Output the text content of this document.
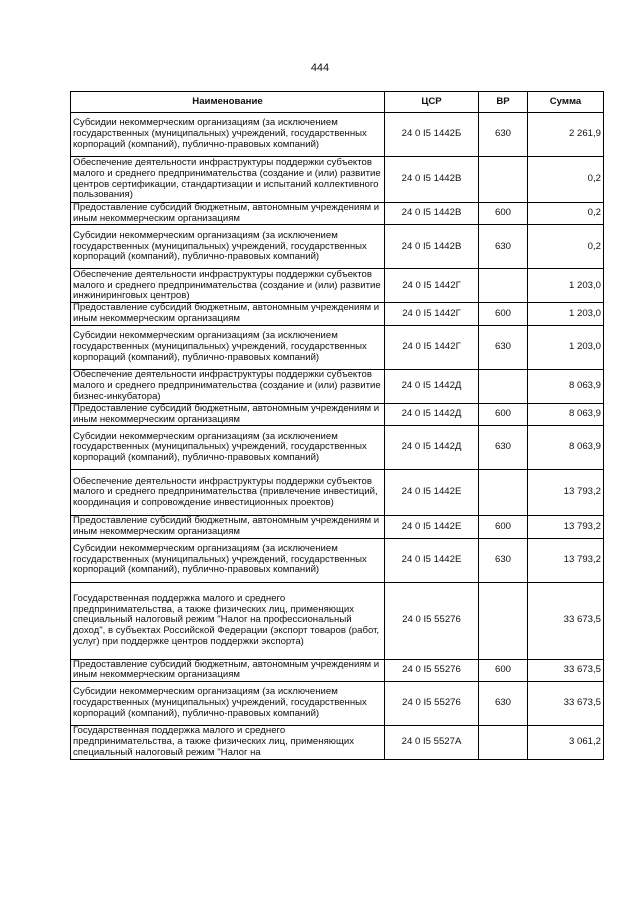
444
Наименование	ЦСР	ВР	Сумма
Субсидии некоммерческим организациям (за исключением государственных (муниципальных) учреждений, государственных корпораций (компаний), публично-правовых компаний)	24 0 I5 1442Б	630	2 261,9
Обеспечение деятельности инфраструктуры поддержки субъектов малого и среднего предпринимательства (создание и (или) развитие центров сертификации, стандартизации и испытаний коллективного пользования)	24 0 I5 1442В		0,2
Предоставление субсидий бюджетным, автономным учреждениям и иным некоммерческим организациям	24 0 I5 1442В	600	0,2
Субсидии некоммерческим организациям (за исключением государственных (муниципальных) учреждений, государственных корпораций (компаний), публично-правовых компаний)	24 0 I5 1442В	630	0,2
Обеспечение деятельности инфраструктуры поддержки субъектов малого и среднего предпринимательства (создание и (или) развитие инжиниринговых центров)	24 0 I5 1442Г		1 203,0
Предоставление субсидий бюджетным, автономным учреждениям и иным некоммерческим организациям	24 0 I5 1442Г	600	1 203,0
Субсидии некоммерческим организациям (за исключением государственных (муниципальных) учреждений, государственных корпораций (компаний), публично-правовых компаний)	24 0 I5 1442Г	630	1 203,0
Обеспечение деятельности инфраструктуры поддержки субъектов малого и среднего предпринимательства (создание и (или) развитие бизнес-инкубатора)	24 0 I5 1442Д		8 063,9
Предоставление субсидий бюджетным, автономным учреждениям и иным некоммерческим организациям	24 0 I5 1442Д	600	8 063,9
Субсидии некоммерческим организациям (за исключением государственных (муниципальных) учреждений, государственных корпораций (компаний), публично-правовых компаний)	24 0 I5 1442Д	630	8 063,9
Обеспечение деятельности инфраструктуры поддержки субъектов малого и среднего предпринимательства (привлечение инвестиций, координация и сопровождение инвестиционных проектов)	24 0 I5 1442Е		13 793,2
Предоставление субсидий бюджетным, автономным учреждениям и иным некоммерческим организациям	24 0 I5 1442Е	600	13 793,2
Субсидии некоммерческим организациям (за исключением государственных (муниципальных) учреждений, государственных корпораций (компаний), публично-правовых компаний)	24 0 I5 1442Е	630	13 793,2
Государственная поддержка малого и среднего предпринимательства, а также физических лиц, применяющих специальный налоговый режим "Налог на профессиональный доход", в субъектах Российской Федерации (экспорт товаров (работ, услуг) при поддержке центров поддержки экспорта)	24 0 I5 55276		33 673,5
Предоставление субсидий бюджетным, автономным учреждениям и иным некоммерческим организациям	24 0 I5 55276	600	33 673,5
Субсидии некоммерческим организациям (за исключением государственных (муниципальных) учреждений, государственных корпораций (компаний), публично-правовых компаний)	24 0 I5 55276	630	33 673,5
Государственная поддержка малого и среднего предпринимательства, а также физических лиц, применяющих специальный налоговый режим "Налог на	24 0 I5 5527А		3 061,2
